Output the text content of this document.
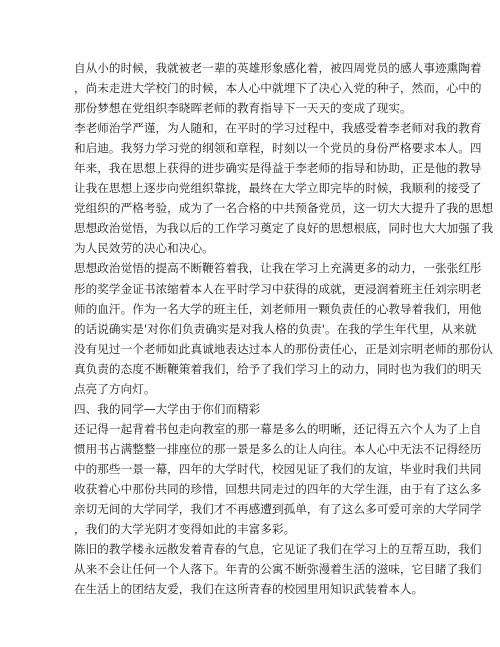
自从小的时候，我就被老一辈的英雄形象感化着，被四周党员的感人事迹熏陶着
，尚未走进大学校门的时候，本人心中就埋下了决心入党的种子，然而，心中的
那份梦想在党组织李晓晖老师的教育指导下一天天的变成了现实。
李老师治学严谨，为人随和，在平时的学习过程中，我感受着李老师对我的教育
和启迪。我努力学习党的纲领和章程，时刻以一个党员的身份严格要求本人。四
年来，我在思想上获得的进步确实是得益于李老师的指导和协助，正是他的教导
让我在思想上逐步向党组织靠拢，最终在大学立即完毕的时候，我顺利的接受了
党组织的严格考验，成为了一名合格的中共预备党员，这一切大大提升了我的思想
思想政治觉悟，为我以后的工作学习奠定了良好的思想根底，同时也大大加强了我
为人民效劳的决心和决心。
思想政治觉悟的提高不断鞭笞着我，让我在学习上充满更多的动力，一张张红彤
彤的奖学金证书浓缩着本人在平时学习中获得的成就，更浸润着班主任刘宗明老
师的血汗。作为一名大学的班主任，刘老师用一颗负责任的心教导着我们，用他
的话说确实是'对你们负责确实是对我人格的负责'。在我的学生年代里，从来就
没有见过一个老师如此真诚地表达过本人的那份责任心，正是刘宗明老师的那份认
真负责的态度不断鞭策着我们，给予了我们学习上的动力，同时也为我们的明天
点亮了方向灯。
四、我的同学—大学由于你们而精彩
还记得一起背着书包走向教室的那一幕是多么的明晰，还记得五六个人为了上自
惯用书占满整整一排座位的那一景是多么的让人向往。本人心中无法不记得经历
中的那些一景一幕，四年的大学时代，校园见证了我们的友谊，毕业时我们共同
收获着心中那份共同的珍惜，回想共同走过的四年的大学生涯，由于有了这么多
亲切无间的大学同学，我们才不再感遭到孤单，有了这么多可爱可亲的大学同学
，我们的大学光阴才变得如此的丰富多彩。
陈旧的教学楼永远散发着青春的气息，它见证了我们在学习上的互帮互助，我们
从来不会让任何一个人落下。年青的公寓不断弥漫着生活的滋味，它目睹了我们
在生活上的团结友爱，我们在这所青春的校园里用知识武装着本人。
